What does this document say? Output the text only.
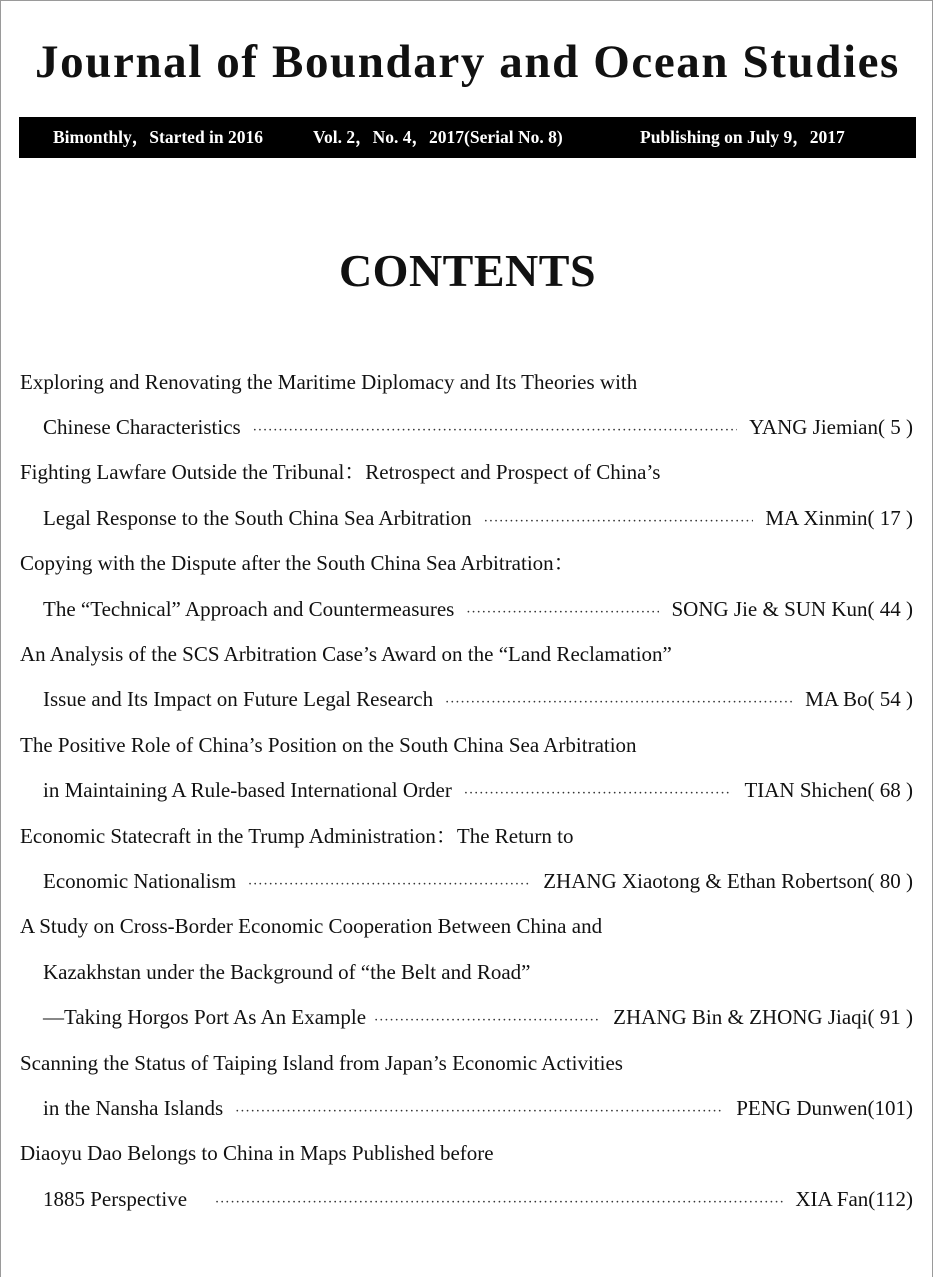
Journal of Boundary and Ocean Studies
Bimonthly，Started in 2016	Vol. 2，No. 4，2017(Serial No. 8)	Publishing on July 9，2017
CONTENTS
Exploring and Renovating the Maritime Diplomacy and Its Theories with
Chinese Characteristics ·····	YANG Jiemian ( 5 )
Fighting Lawfare Outside the Tribunal：Retrospect and Prospect of China’s
Legal Response to the South China Sea Arbitration ·····	MA Xinmin ( 17 )
Copying with the Dispute after the South China Sea Arbitration：
The “Technical” Approach and Countermeasures ·····	SONG Jie & SUN Kun ( 44 )
An Analysis of the SCS Arbitration Case’s Award on the “Land Reclamation”
Issue and Its Impact on Future Legal Research ·····	MA Bo ( 54 )
The Positive Role of China’s Position on the South China Sea Arbitration
in Maintaining A Rule-based International Order ·····	TIAN Shichen ( 68 )
Economic Statecraft in the Trump Administration：The Return to
Economic Nationalism ·····	ZHANG Xiaotong & Ethan Robertson ( 80 )
A Study on Cross-Border Economic Cooperation Between China and
Kazakhstan under the Background of “the Belt and Road”
—Taking Horgos Port As An Example ·····	ZHANG Bin & ZHONG Jiaqi ( 91 )
Scanning the Status of Taiping Island from Japan’s Economic Activities
in the Nansha Islands ·····	PENG Dunwen (101)
Diaoyu Dao Belongs to China in Maps Published before
1885 Perspective ·····	XIA Fan (112)
